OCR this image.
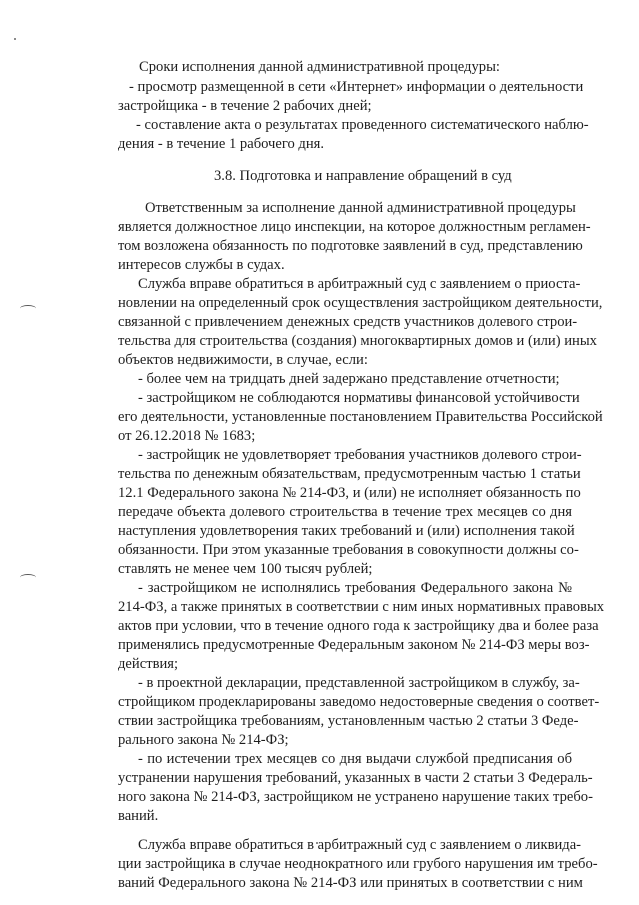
Сроки исполнения данной административной процедуры:
- просмотр размещенной в сети «Интернет» информации о деятельности
застройщика - в течение 2 рабочих дней;
- составление акта о результатах проведенного систематического наблю-
дения - в течение 1 рабочего дня.
3.8. Подготовка и направление обращений в суд
Ответственным за исполнение данной административной процедуры
является должностное лицо инспекции, на которое должностным регламен-
том возложена обязанность по подготовке заявлений в суд, представлению
интересов службы в судах.
Служба вправе обратиться в арбитражный суд с заявлением о приоста-
новлении на определенный срок осуществления застройщиком деятельности,
связанной с привлечением денежных средств участников долевого строи-
тельства для строительства (создания) многоквартирных домов и (или) иных
объектов недвижимости, в случае, если:
- более чем на тридцать дней задержано представление отчетности;
- застройщиком не соблюдаются нормативы финансовой устойчивости
его деятельности, установленные постановлением Правительства Российской
от 26.12.2018 № 1683;
- застройщик не удовлетворяет требования участников долевого строи-
тельства по денежным обязательствам, предусмотренным частью 1 статьи
12.1 Федерального закона № 214-ФЗ, и (или) не исполняет обязанность по
передаче объекта долевого строительства в течение трех месяцев со дня
наступления удовлетворения таких требований и (или) исполнения такой
обязанности. При этом указанные требования в совокупности должны со-
ставлять не менее чем 100 тысяч рублей;
- застройщиком не исполнялись требования Федерального закона №
214-ФЗ, а также принятых в соответствии с ним иных нормативных правовых
актов при условии, что в течение одного года к застройщику два и более раза
применялись предусмотренные Федеральным законом № 214-ФЗ меры воз-
действия;
- в проектной декларации, представленной застройщиком в службу, за-
стройщиком продекларированы заведомо недостоверные сведения о соответ-
ствии застройщика требованиям, установленным частью 2 статьи 3 Феде-
рального закона № 214-ФЗ;
- по истечении трех месяцев со дня выдачи службой предписания об
устранении нарушения требований, указанных в части 2 статьи 3 Федераль-
ного закона № 214-ФЗ, застройщиком не устранено нарушение таких требо-
ваний.
Служба вправе обратиться в арбитражный суд с заявлением о ликвида-
ции застройщика в случае неоднократного или грубого нарушения им требо-
ваний Федерального закона № 214-ФЗ или принятых в соответствии с ним
